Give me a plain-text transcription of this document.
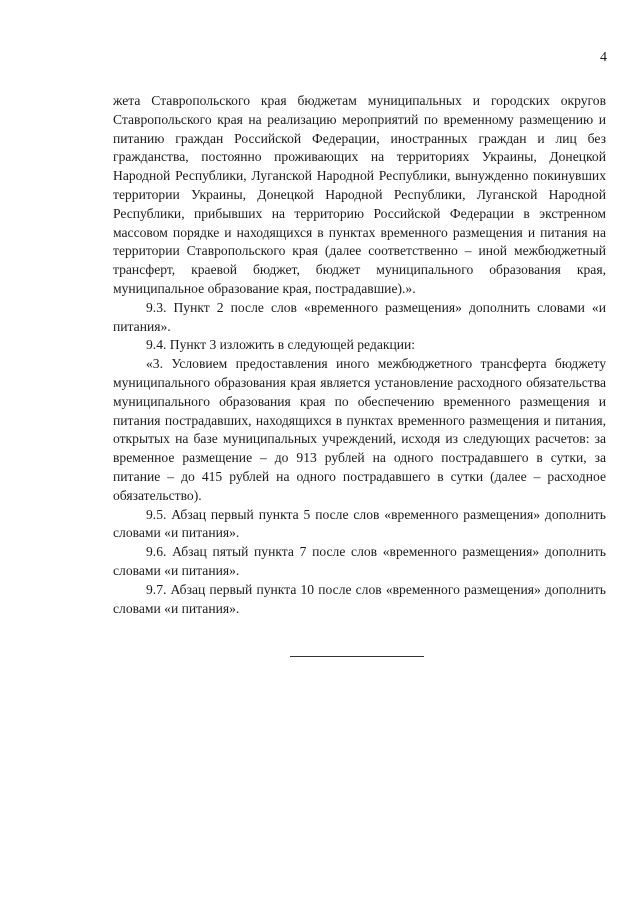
4

жета Ставропольского края бюджетам муниципальных и городских округов Ставропольского края на реализацию мероприятий по временному размещению и питанию граждан Российской Федерации, иностранных граждан и лиц без гражданства, постоянно проживающих на территориях Украины, Донецкой Народной Республики, Луганской Народной Республики, вынужденно покинувших территории Украины, Донецкой Народной Республики, Луганской Народной Республики, прибывших на территорию Российской Федерации в экстренном массовом порядке и находящихся в пунктах временного размещения и питания на территории Ставропольского края (далее соответственно – иной межбюджетный трансферт, краевой бюджет, бюджет муниципального образования края, муниципальное образование края, пострадавшие).».

9.3. Пункт 2 после слов «временного размещения» дополнить словами «и питания».

9.4. Пункт 3 изложить в следующей редакции:

«3. Условием предоставления иного межбюджетного трансферта бюджету муниципального образования края является установление расходного обязательства муниципального образования края по обеспечению временного размещения и питания пострадавших, находящихся в пунктах временного размещения и питания, открытых на базе муниципальных учреждений, исходя из следующих расчетов: за временное размещение – до 913 рублей на одного пострадавшего в сутки, за питание – до 415 рублей на одного пострадавшего в сутки (далее – расходное обязательство).

9.5. Абзац первый пункта 5 после слов «временного размещения» дополнить словами «и питания».

9.6. Абзац пятый пункта 7 после слов «временного размещения» дополнить словами «и питания».

9.7. Абзац первый пункта 10 после слов «временного размещения» дополнить словами «и питания».
